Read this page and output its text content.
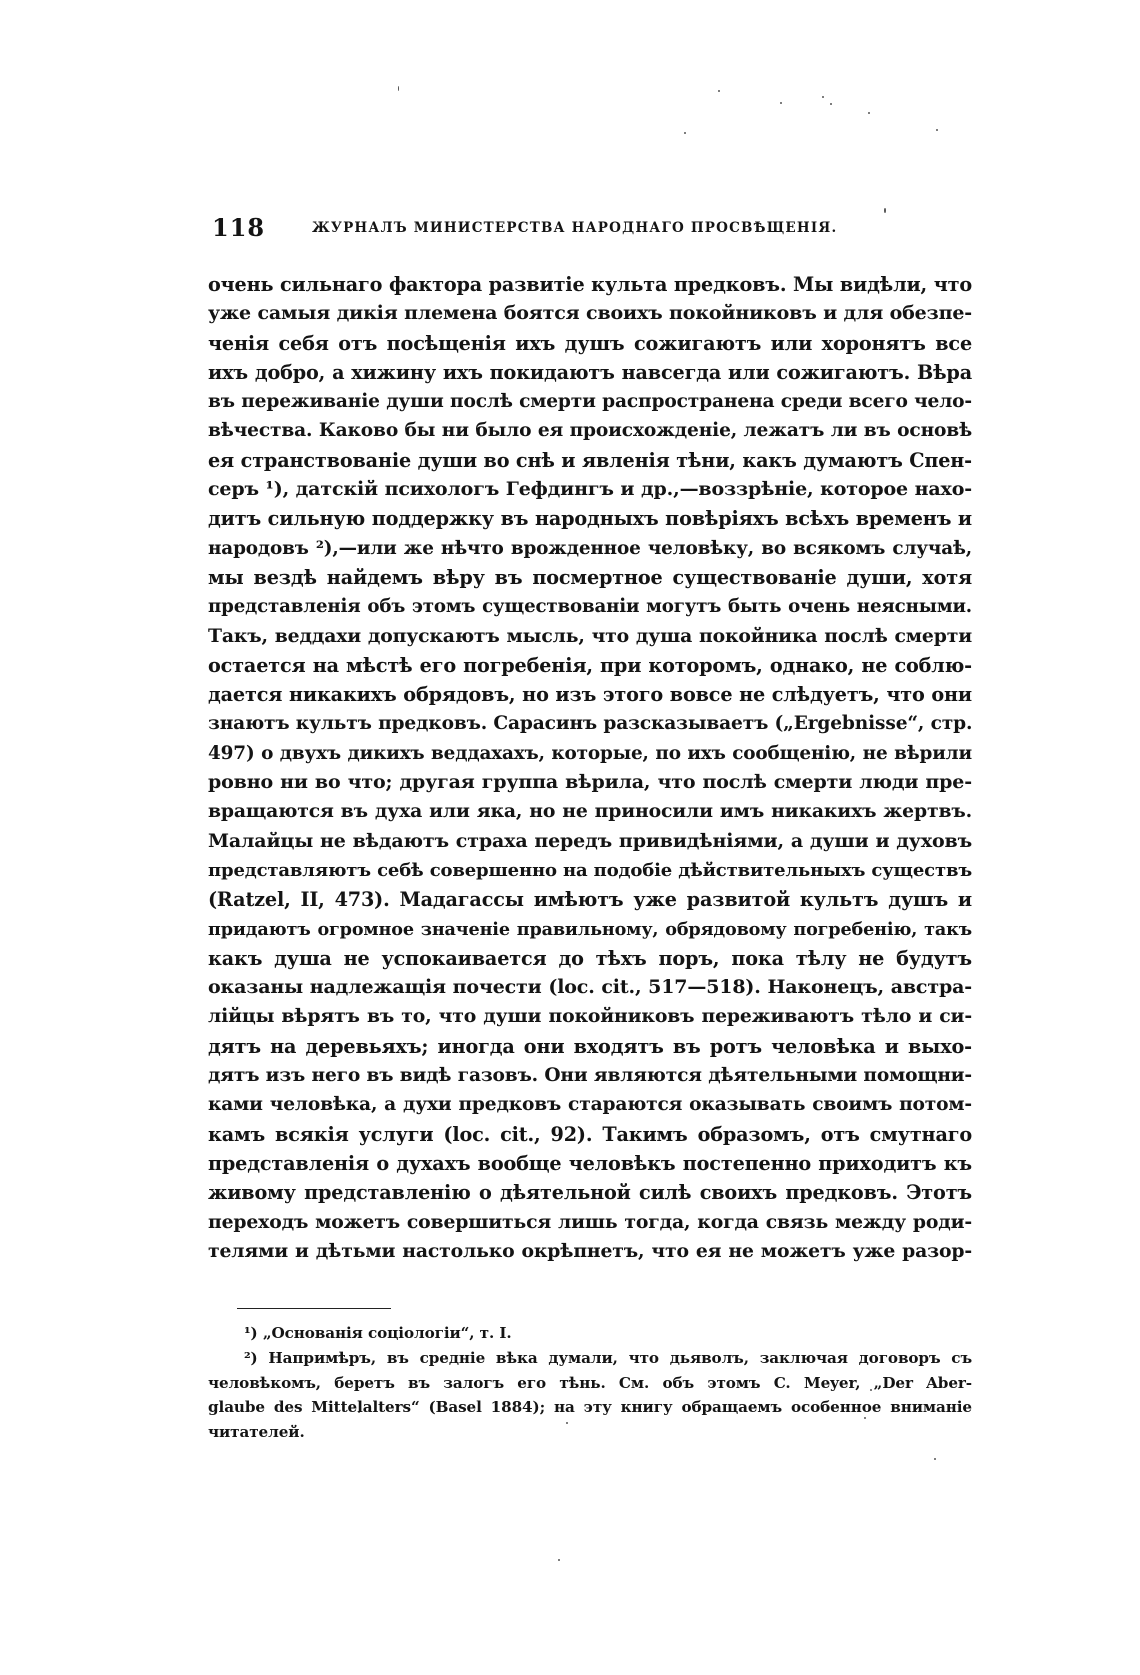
118	ЖУРНАЛЪ МИНИСТЕРСТВА НАРОДНАГО ПРОСВѢЩЕНІЯ.
очень сильнаго фактора развитіе культа предковъ. Мы видѣли, что
уже самыя дикія племена боятся своихъ покойниковъ и для обезпе-
ченія себя отъ посѣщенія ихъ душъ сожигаютъ или хоронятъ все
ихъ добро, а хижину ихъ покидаютъ навсегда или сожигаютъ. Вѣра
въ переживаніе души послѣ смерти распространена среди всего чело-
вѣчества. Каково бы ни было ея происхожденіе, лежатъ ли въ основѣ
ея странствованіе души во снѣ и явленія тѣни, какъ думаютъ Спен-
серъ ¹), датскій психологъ Гефдингъ и др.,—воззрѣніе, которое нахо-
дитъ сильную поддержку въ народныхъ повѣріяхъ всѣхъ временъ и
народовъ ²),—или же нѣчто врожденное человѣку, во всякомъ случаѣ,
мы вездѣ найдемъ вѣру въ посмертное существованіе души, хотя
представленія объ этомъ существованіи могутъ быть очень неясными.
Такъ, веддахи допускаютъ мысль, что душа покойника послѣ смерти
остается на мѣстѣ его погребенія, при которомъ, однако, не соблю-
дается никакихъ обрядовъ, но изъ этого вовсе не слѣдуетъ, что они
знаютъ культъ предковъ. Сарасинъ разсказываетъ („Ergebnisse“, стр.
497) о двухъ дикихъ веддахахъ, которые, по ихъ сообщенію, не вѣрили
ровно ни во что; другая группа вѣрила, что послѣ смерти люди пре-
вращаются въ духа или яка, но не приносили имъ никакихъ жертвъ.
Малайцы не вѣдаютъ страха передъ привидѣніями, а души и духовъ
представляютъ себѣ совершенно на подобіе дѣйствительныхъ существъ
(Ratzel, II, 473). Мадагассы имѣютъ уже развитой культъ душъ и
придаютъ огромное значеніе правильному, обрядовому погребенію, такъ
какъ душа не успокаивается до тѣхъ поръ, пока тѣлу не будутъ
оказаны надлежащія почести (loc. cit., 517—518). Наконецъ, австра-
лійцы вѣрятъ въ то, что души покойниковъ переживаютъ тѣло и си-
дятъ на деревьяхъ; иногда они входятъ въ ротъ человѣка и выхо-
дятъ изъ него въ видѣ газовъ. Они являются дѣятельными помощни-
ками человѣка, а духи предковъ стараются оказывать своимъ потом-
камъ всякія услуги (loc. cit., 92). Такимъ образомъ, отъ смутнаго
представленія о духахъ вообще человѣкъ постепенно приходитъ къ
живому представленію о дѣятельной силѣ своихъ предковъ. Этотъ
переходъ можетъ совершиться лишь тогда, когда связь между роди-
телями и дѣтьми настолько окрѣпнетъ, что ея не можетъ уже разор-
¹) „Основанія соціологіи“, т. I.
²) Напримѣръ, въ средніе вѣка думали, что дьяволъ, заключая договоръ съ
человѣкомъ, беретъ въ залогъ его тѣнь. См. объ этомъ C. Meyer, „Der Aber-
glaube des Mittelalters“ (Basel 1884); на эту книгу обращаемъ особенное вниманіе
читателей.
